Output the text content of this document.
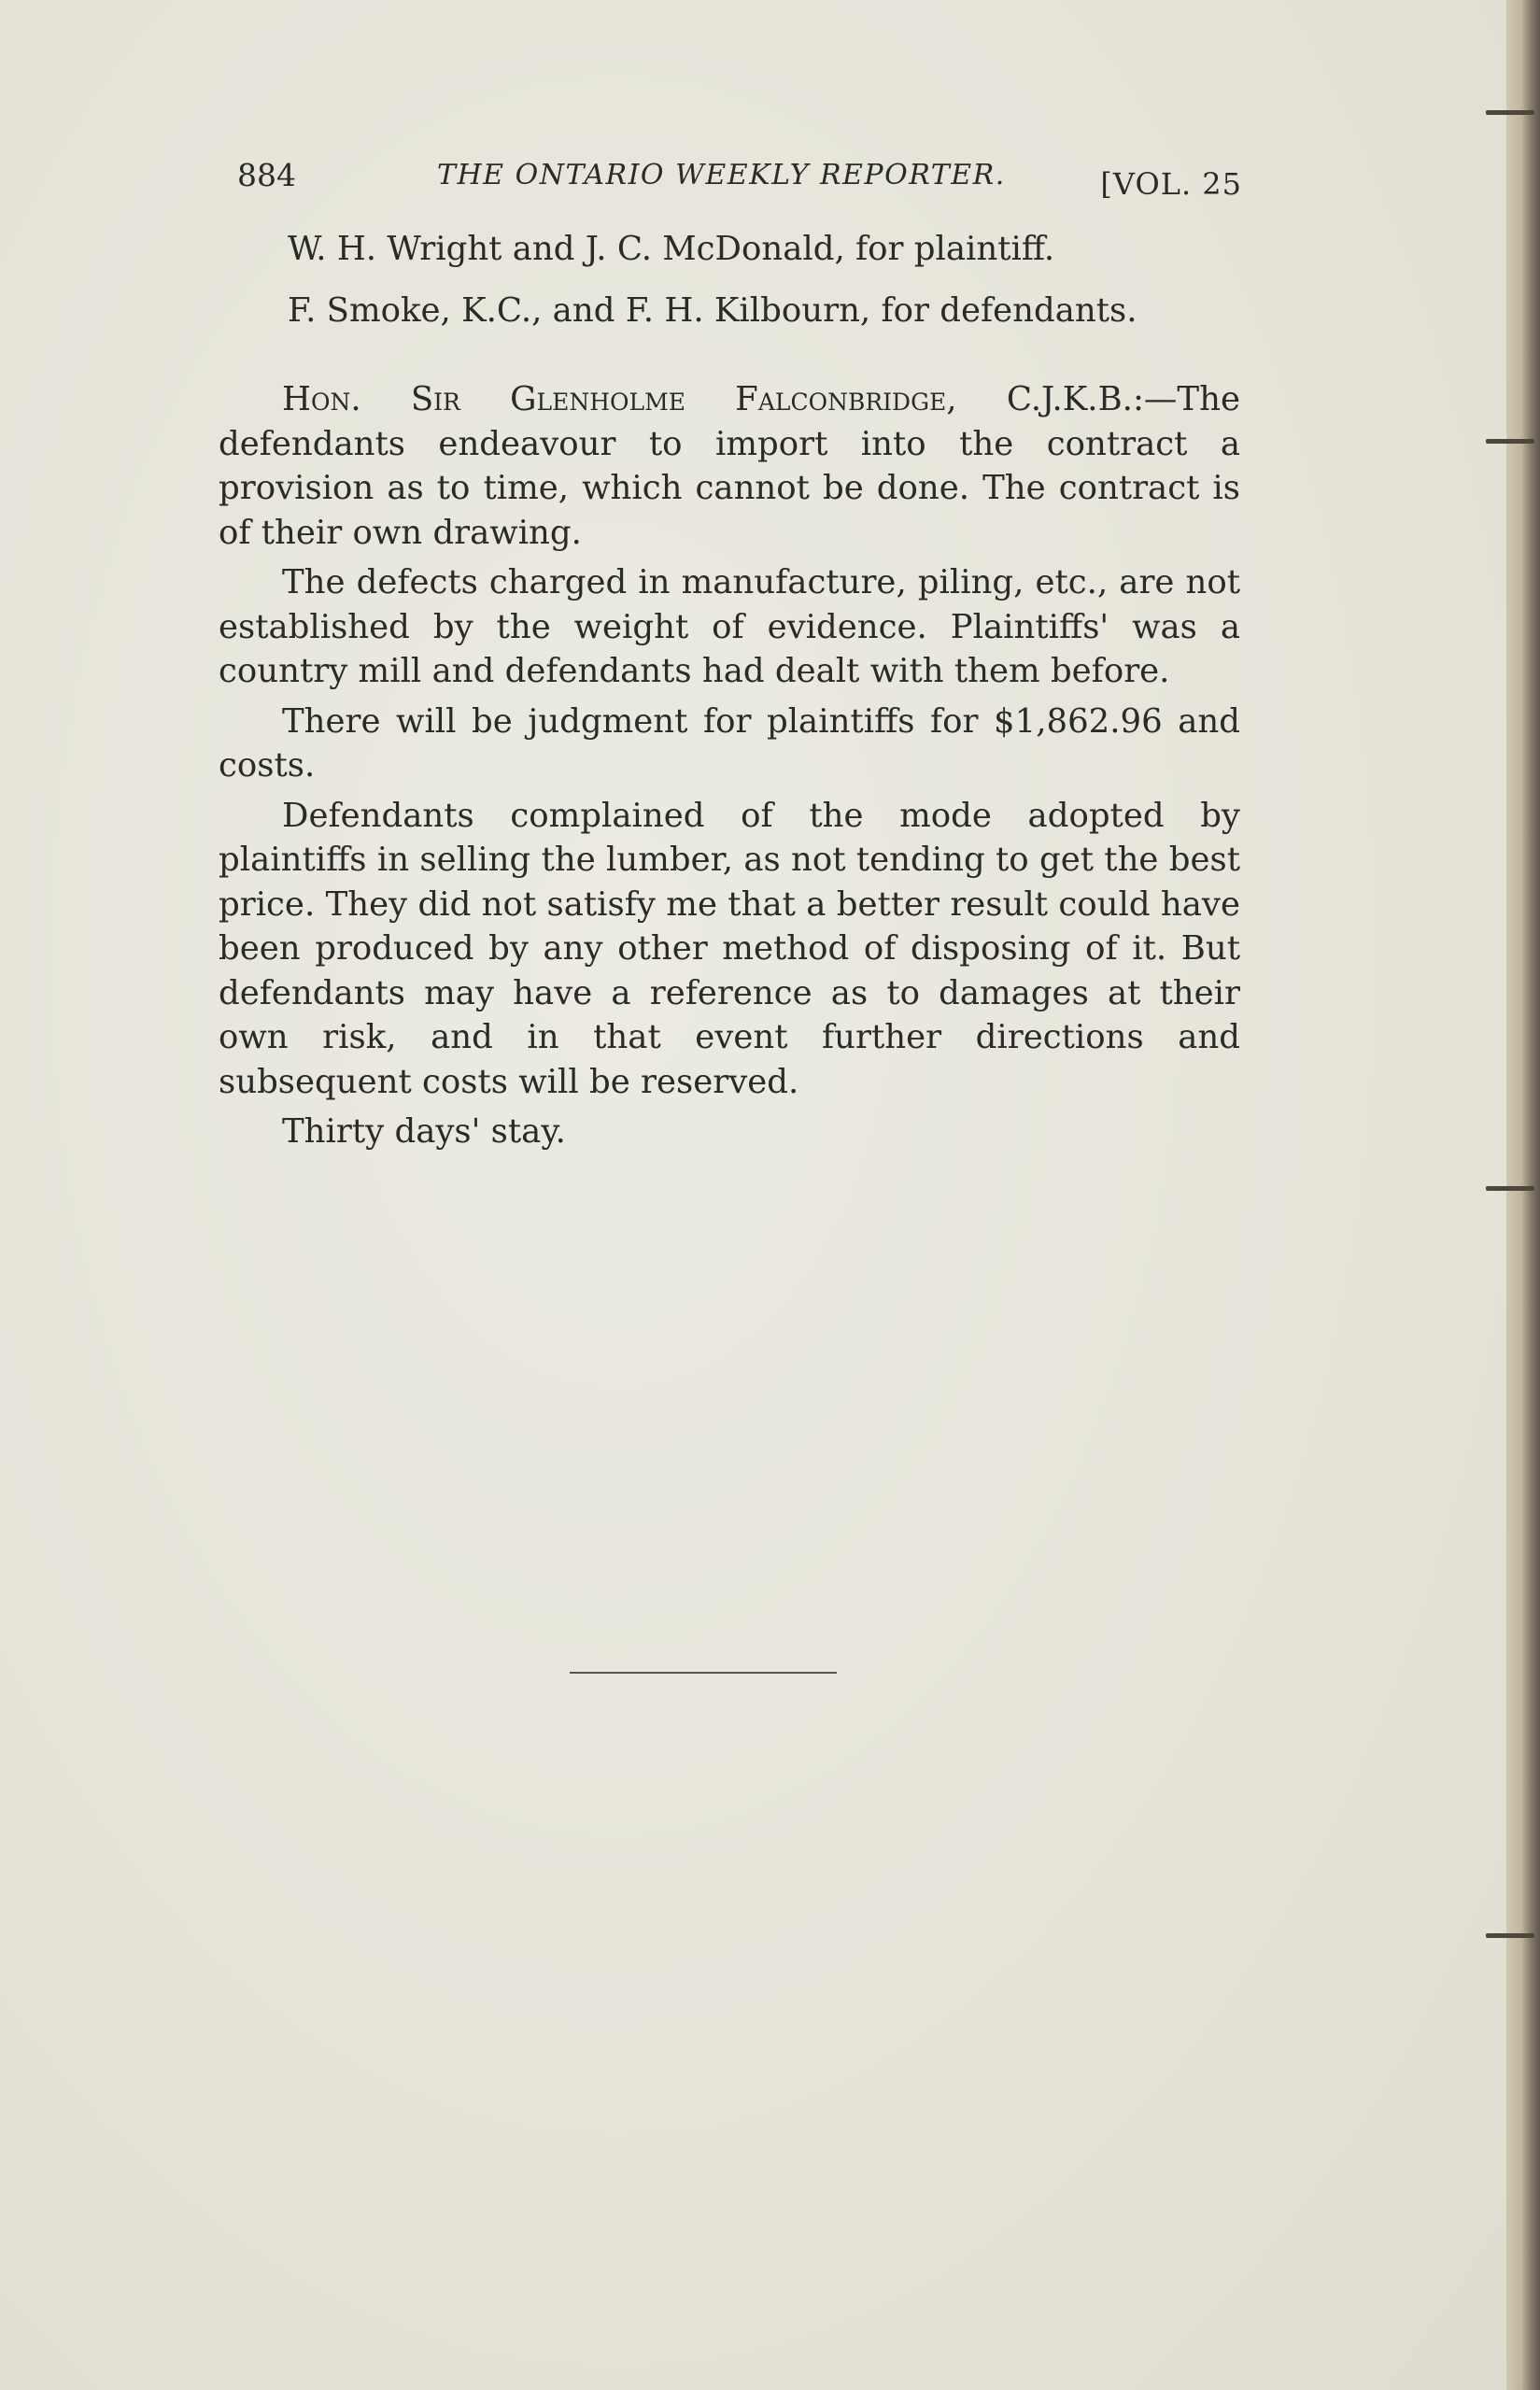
884	THE ONTARIO WEEKLY REPORTER.	[VOL. 25

W. H. Wright and J. C. McDonald, for plaintiff.

F. Smoke, K.C., and F. H. Kilbourn, for defendants.

Hon. Sir Glenholme Falconbridge, C.J.K.B.:—The defendants endeavour to import into the contract a provision as to time, which cannot be done. The contract is of their own drawing.

The defects charged in manufacture, piling, etc., are not established by the weight of evidence. Plaintiffs' was a country mill and defendants had dealt with them before.

There will be judgment for plaintiffs for $1,862.96 and costs.

Defendants complained of the mode adopted by plaintiffs in selling the lumber, as not tending to get the best price. They did not satisfy me that a better result could have been produced by any other method of disposing of it. But defendants may have a reference as to damages at their own risk, and in that event further directions and subsequent costs will be reserved.

Thirty days' stay.
